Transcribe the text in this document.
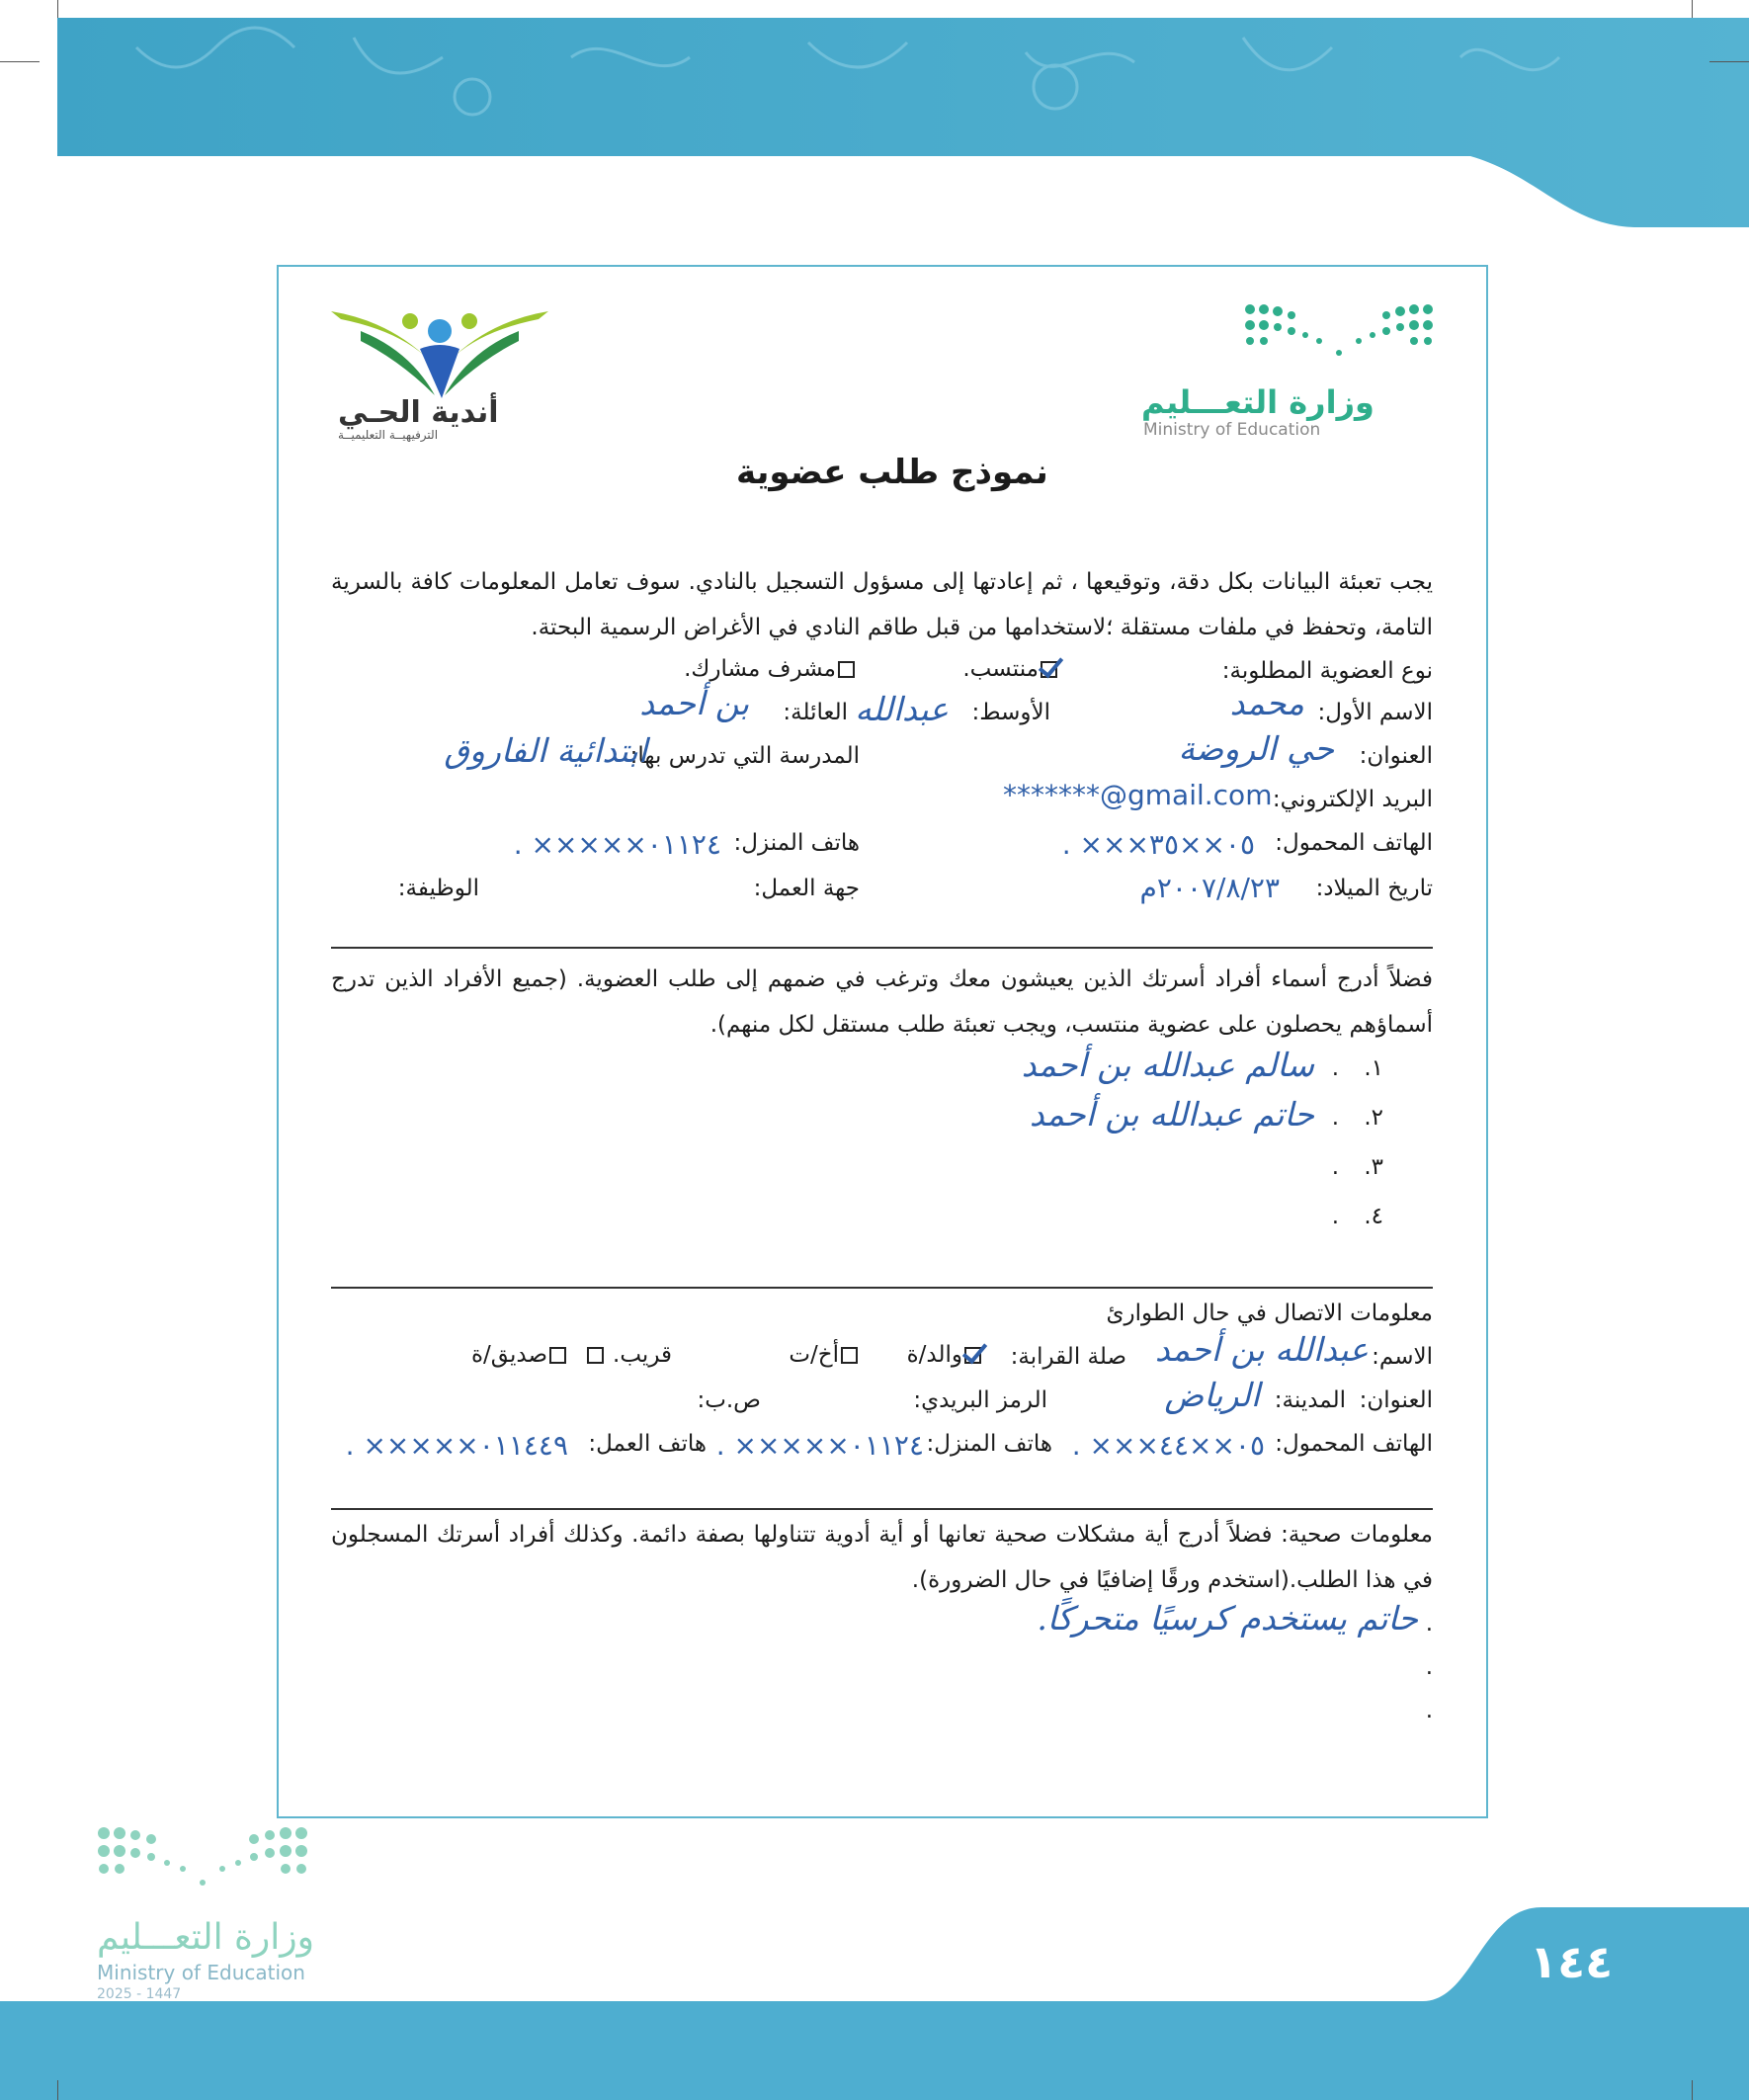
وزارة التعـــليم
Ministry of Education
أندية الحـي
الترفيهيــة التعليميــة
نموذج طلب عضوية
يجب تعبئة البيانات بكل دقة، وتوقيعها ، ثم إعادتها إلى مسؤول التسجيل بالنادي. سوف تعامل المعلومات كافة بالسرية التامة، وتحفظ في ملفات مستقلة ؛لاستخدامها من قبل طاقم النادي في الأغراض الرسمية البحتة.
نوع العضوية المطلوبة:
منتسب.
مشرف مشارك.
الاسم الأول:
محمد
الأوسط:
عبدالله
العائلة:
بن أحمد
العنوان:
حي الروضة
المدرسة التي تدرس بها:
ابتدائية الفاروق
البريد الإلكتروني:
*******@gmail.com
الهاتف المحمول:
٠٥××٣٥××× .
هاتف المنزل:
٠١١٢٤××××× .
تاريخ الميلاد:
٢٠٠٧/٨/٢٣م
جهة العمل:
الوظيفة:
فضلاً أدرج أسماء أفراد أسرتك الذين يعيشون معك وترغب في ضمهم إلى طلب العضوية. (جميع الأفراد الذين تدرج أسماؤهم يحصلون على عضوية منتسب، ويجب تعبئة طلب مستقل لكل منهم).
١.
.
سالم عبدالله بن أحمد
٢.
.
حاتم عبدالله بن أحمد
٣.
.
٤.
.
معلومات الاتصال في حال الطوارئ
الاسم:
عبدالله بن أحمد
صلة القرابة:
والد/ة
أخ/ت
قريب.
صديق/ة
العنوان:
المدينة:
الرياض
الرمز البريدي:
ص.ب:
الهاتف المحمول:
٠٥××٤٤××× .
هاتف المنزل:
٠١١٢٤××××× .
هاتف العمل:
٠١١٤٤٩××××× .
معلومات صحية: فضلاً أدرج أية مشكلات صحية تعانها أو أية أدوية تتناولها بصفة دائمة. وكذلك أفراد أسرتك المسجلون في هذا الطلب.(استخدم ورقًا إضافيًا في حال الضرورة).
.
حاتم يستخدم كرسيًا متحركًا.
.
.
وزارة التعـــليم
Ministry of Education
2025 - 1447
١٤٤
